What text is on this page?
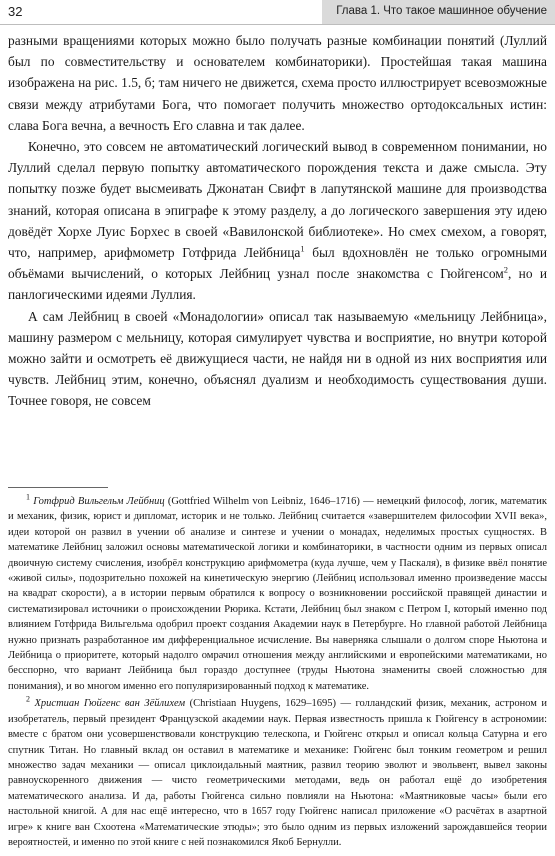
32	Глава 1. Что такое машинное обучение

разными вращениями которых можно было получать разные комбинации понятий (Луллий был по совместительству и основателем комбинаторики). Простейшая такая машина изображена на рис. 1.5, б; там ничего не движется, схема просто иллюстрирует всевозможные связи между атрибутами Бога, что помогает получить множество ортодоксальных истин: слава Бога вечна, а вечность Его славна и так далее.

Конечно, это совсем не автоматический логический вывод в современном понимании, но Луллий сделал первую попытку автоматического порождения текста и даже смысла. Эту попытку позже будет высмеивать Джонатан Свифт в лапутянской машине для производства знаний, которая описана в эпиграфе к этому разделу, а до логического завершения эту идею довёдёт Хорхе Луис Борхес в своей «Вавилонской библиотеке». Но смех смехом, а говорят, что, например, арифмометр Готфрида Лейбница$^1$ был вдохновлён не только огромными объёмами вычислений, о которых Лейбниц узнал после знакомства с Гюйгенсом$^2$, но и панлогическими идеями Луллия.

А сам Лейбниц в своей «Монадологии» описал так называемую «мельницу Лейбница», машину размером с мельницу, которая симулирует чувства и восприятие, но внутри которой можно зайти и осмотреть её движущиеся части, не найдя ни в одной из них восприятия или чувств. Лейбниц этим, конечно, объяснял дуализм и необходимость существования души. Точнее говоря, не совсем

$^1$ Готфрид Вильгельм Лейбниц (Gottfried Wilhelm von Leibniz, 1646–1716) — немецкий философ, логик, математик и механик, физик, юрист и дипломат, историк и не только. Лейбниц считается «завершителем философии XVII века», идеи которой он развил в учении об анализе и синтезе и учении о монадах, неделимых простых сущностях. В математике Лейбниц заложил основы математической логики и комбинаторики, в частности одним из первых описал двоичную систему счисления, изобрёл конструкцию арифмометра (куда лучше, чем у Паскаля), в физике ввёл понятие «живой силы», подозрительно похожей на кинетическую энергию (Лейбниц использовал именно произведение массы на квадрат скорости), а в истории первым обратился к вопросу о возникновении российской правящей династии и систематизировал источники о происхождении Рюрика. Кстати, Лейбниц был знаком с Петром I, который именно под влиянием Готфрида Вильгельма одобрил проект создания Академии наук в Петербурге. Но главной работой Лейбница нужно признать разработанное им дифференциальное исчисление. Вы наверняка слышали о долгом споре Ньютона и Лейбница о приоритете, который надолго омрачил отношения между английскими и европейскими математиками, но бесспорно, что вариант Лейбница был гораздо доступнее (труды Ньютона знамениты своей сложностью для понимания), и во многом именно его популяризированный подход к математике.

$^2$ Христиан Гюйгенс ван Зёйлихем (Christiaan Huygens, 1629–1695) — голландский физик, механик, астроном и изобретатель, первый президент Французской академии наук. Первая известность пришла к Гюйгенсу в астрономии: вместе с братом они усовершенствовали конструкцию телескопа, и Гюйгенс открыл и описал кольца Сатурна и его спутник Титан. Но главный вклад он оставил в математике и механике: Гюйгенс был тонким геометром и решил множество задач механики — описал циклоидальный маятник, развил теорию эволют и эвольвент, вывел законы равноускоренного движения — чисто геометрическими методами, ведь он работал ещё до изобретения математического анализа. И да, работы Гюйгенса сильно повлияли на Ньютона: «Маятниковые часы» были его настольной книгой. А для нас ещё интересно, что в 1657 году Гюйгенс написал приложение «О расчётах в азартной игре» к книге ван Схоотена «Математические этюды»; это было одним из первых изложений зарождавшейся теории вероятностей, и именно по этой книге с ней познакомился Якоб Бернулли.
